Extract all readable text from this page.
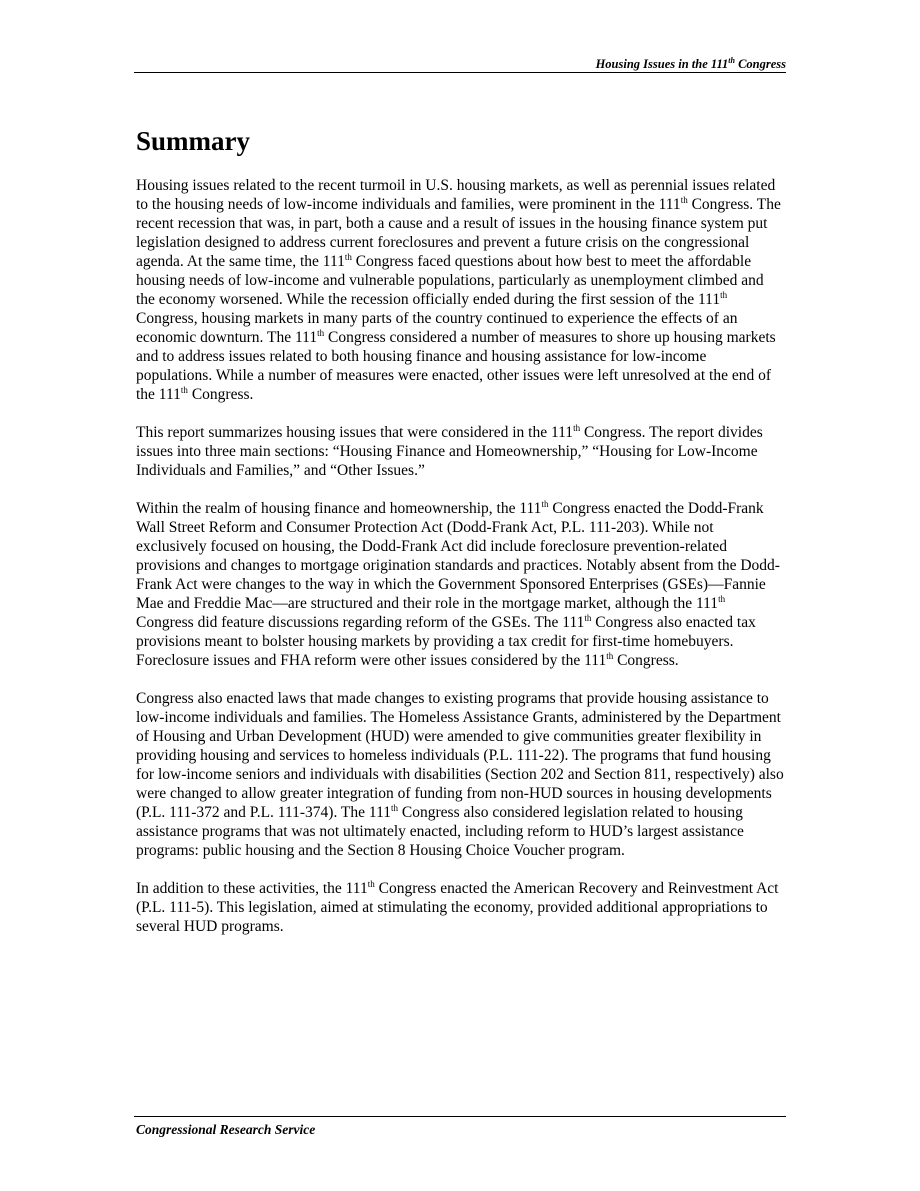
Housing Issues in the 111th Congress
Summary

Housing issues related to the recent turmoil in U.S. housing markets, as well as perennial issues related to the housing needs of low-income individuals and families, were prominent in the 111th Congress. The recent recession that was, in part, both a cause and a result of issues in the housing finance system put legislation designed to address current foreclosures and prevent a future crisis on the congressional agenda. At the same time, the 111th Congress faced questions about how best to meet the affordable housing needs of low-income and vulnerable populations, particularly as unemployment climbed and the economy worsened. While the recession officially ended during the first session of the 111th Congress, housing markets in many parts of the country continued to experience the effects of an economic downturn. The 111th Congress considered a number of measures to shore up housing markets and to address issues related to both housing finance and housing assistance for low-income populations. While a number of measures were enacted, other issues were left unresolved at the end of the 111th Congress.

This report summarizes housing issues that were considered in the 111th Congress. The report divides issues into three main sections: “Housing Finance and Homeownership,” “Housing for Low-Income Individuals and Families,” and “Other Issues.”

Within the realm of housing finance and homeownership, the 111th Congress enacted the Dodd-Frank Wall Street Reform and Consumer Protection Act (Dodd-Frank Act, P.L. 111-203). While not exclusively focused on housing, the Dodd-Frank Act did include foreclosure prevention-related provisions and changes to mortgage origination standards and practices. Notably absent from the Dodd-Frank Act were changes to the way in which the Government Sponsored Enterprises (GSEs)—Fannie Mae and Freddie Mac—are structured and their role in the mortgage market, although the 111th Congress did feature discussions regarding reform of the GSEs. The 111th Congress also enacted tax provisions meant to bolster housing markets by providing a tax credit for first-time homebuyers. Foreclosure issues and FHA reform were other issues considered by the 111th Congress.

Congress also enacted laws that made changes to existing programs that provide housing assistance to low-income individuals and families. The Homeless Assistance Grants, administered by the Department of Housing and Urban Development (HUD) were amended to give communities greater flexibility in providing housing and services to homeless individuals (P.L. 111-22). The programs that fund housing for low-income seniors and individuals with disabilities (Section 202 and Section 811, respectively) also were changed to allow greater integration of funding from non-HUD sources in housing developments (P.L. 111-372 and P.L. 111-374). The 111th Congress also considered legislation related to housing assistance programs that was not ultimately enacted, including reform to HUD’s largest assistance programs: public housing and the Section 8 Housing Choice Voucher program.

In addition to these activities, the 111th Congress enacted the American Recovery and Reinvestment Act (P.L. 111-5). This legislation, aimed at stimulating the economy, provided additional appropriations to several HUD programs.

Congressional Research Service
